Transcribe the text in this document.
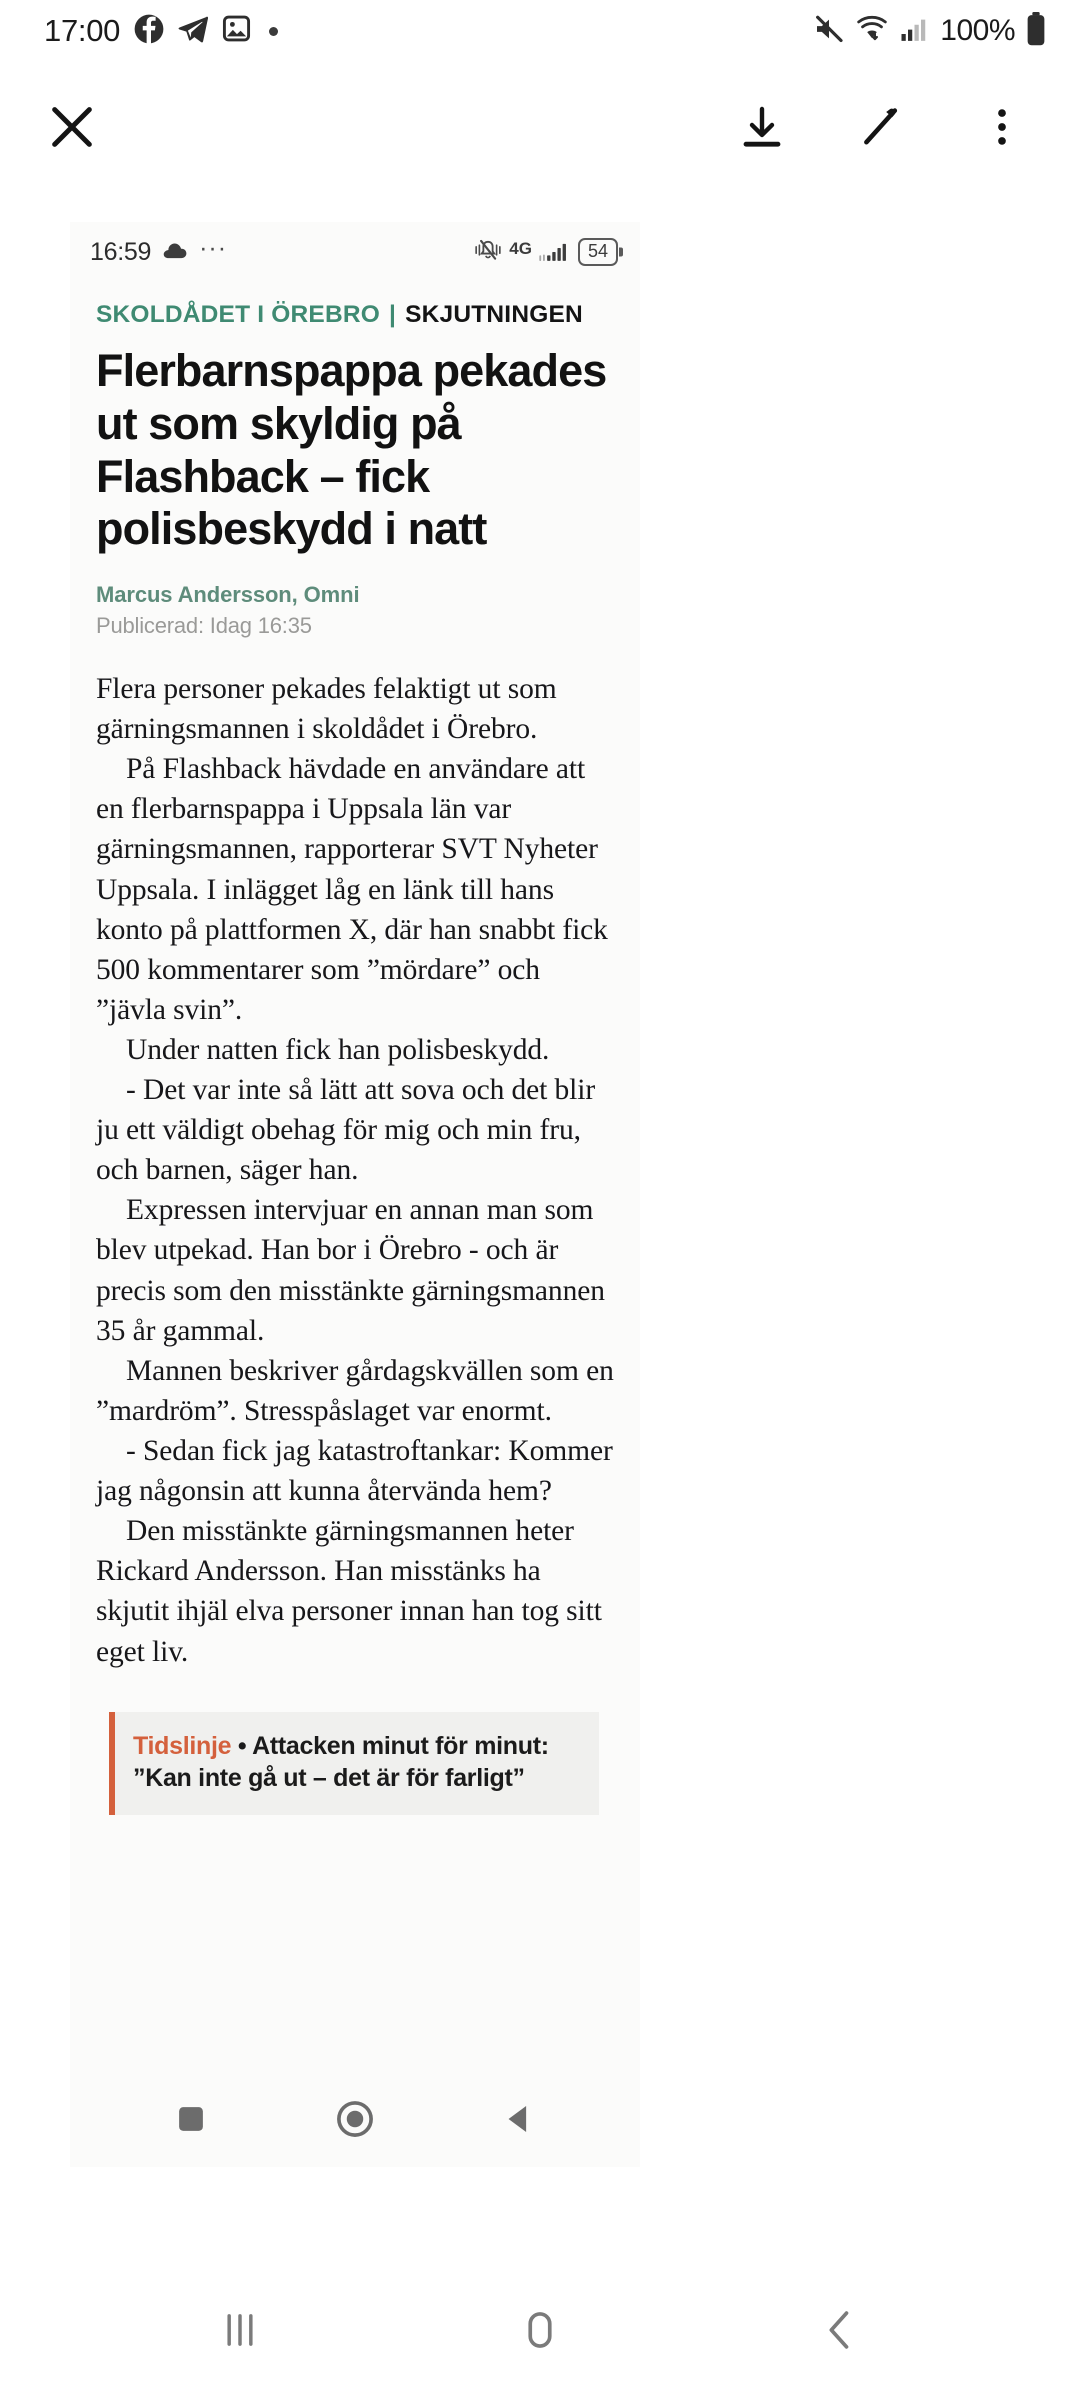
17:00	100%
16:59 ···	4G	54
SKOLDÅDET I ÖREBRO | SKJUTNINGEN
Flerbarnspappa pekades ut som skyldig på Flashback – fick polisbeskydd i natt
Marcus Andersson, Omni
Publicerad: Idag 16:35

Flera personer pekades felaktigt ut som gärningsmannen i skoldådet i Örebro.

På Flashback hävdade en användare att en flerbarnspappa i Uppsala län var gärningsmannen, rapporterar SVT Nyheter Uppsala. I inlägget låg en länk till hans konto på plattformen X, där han snabbt fick 500 kommentarer som ”mördare” och ”jävla svin”.

Under natten fick han polisbeskydd.

- Det var inte så lätt att sova och det blir ju ett väldigt obehag för mig och min fru, och barnen, säger han.

Expressen intervjuar en annan man som blev utpekad. Han bor i Örebro - och är precis som den misstänkte gärningsmannen 35 år gammal.

Mannen beskriver gårdagskvällen som en ”mardröm”. Stresspåslaget var enormt.

- Sedan fick jag katastroftankar: Kommer jag någonsin att kunna återvända hem?

Den misstänkte gärningsmannen heter Rickard Andersson. Han misstänks ha skjutit ihjäl elva personer innan han tog sitt eget liv.

Tidslinje • Attacken minut för minut: ”Kan inte gå ut – det är för farligt”
